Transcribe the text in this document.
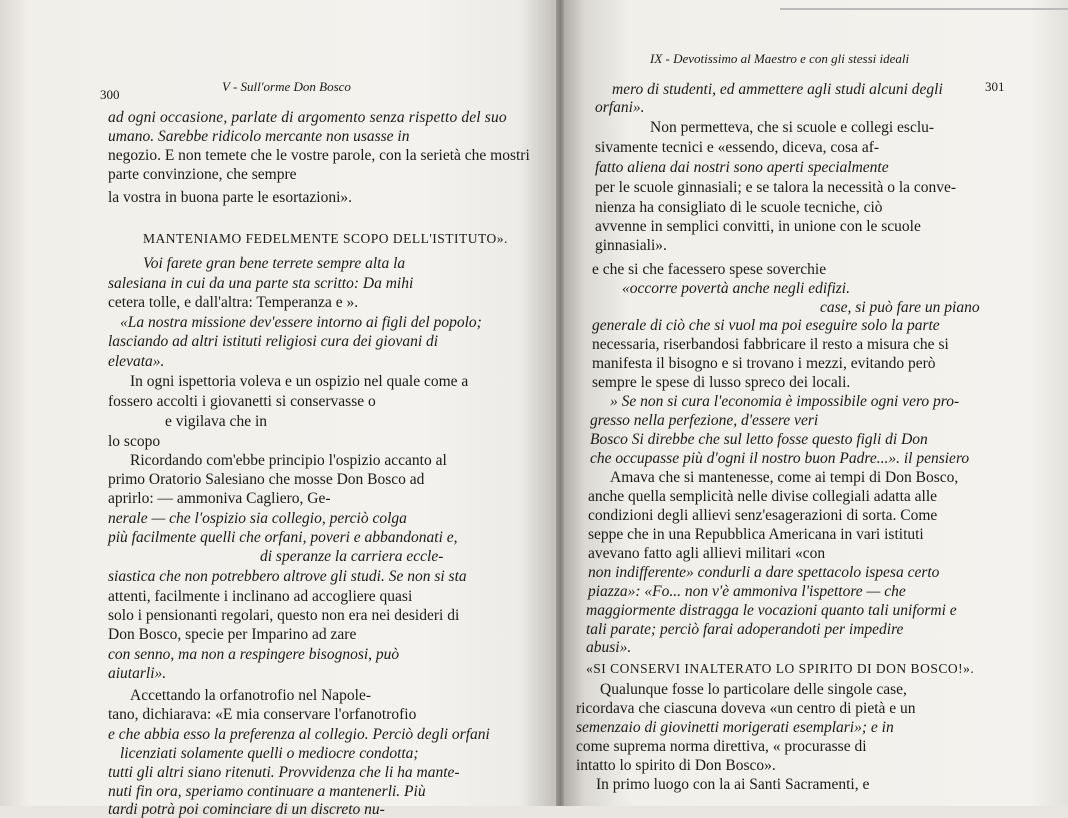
300
V - Sull'orme Don Bosco
ad ogni occasione, parlate di argomento senza rispetto del suo
umano. Sarebbe ridicolo mercante non usasse in
negozio. E non temete che le vostre parole, con la serietà che mostri
parte convinzione, che sempre
la vostra in buona parte le esortazioni».
MANTENIAMO FEDELMENTE SCOPO DELL'ISTITUTO».
Voi farete gran bene terrete sempre alta la
salesiana in cui da una parte sta scritto: Da mihi
cetera tolle, e dall'altra: Temperanza e ».
«La nostra missione dev'essere intorno ai figli del popolo;
lasciando ad altri istituti religiosi cura dei giovani di
elevata».
In ogni ispettoria voleva e un ospizio nel quale come a
fossero accolti i giovanetti si conservasse o
e vigilava che in
lo scopo
Ricordando com'ebbe principio l'ospizio accanto al
primo Oratorio Salesiano che mosse Don Bosco ad
aprirlo: — ammoniva Cagliero, Ge-
nerale — che l'ospizio sia collegio, perciò colga
più facilmente quelli che orfani, poveri e abbandonati e,
di speranze la carriera eccle-
siastica che non potrebbero altrove gli studi. Se non si sta
attenti, facilmente i inclinano ad accogliere quasi
solo i pensionanti regolari, questo non era nei desideri di
Don Bosco, specie per Imparino ad zare
con senno, ma non a respingere bisognosi, può
aiutarli».
Accettando la orfanotrofio nel Napole-
tano, dichiarava: «E mia conservare l'orfanotrofio
e che abbia esso la preferenza al collegio. Perciò degli orfani
licenziati solamente quelli o mediocre condotta;
tutti gli altri siano ritenuti. Provvidenza che li ha mante-
nuti fin ora, speriamo continuare a mantenerli. Più
tardi potrà poi cominciare di un discreto nu-
IX - Devotissimo al Maestro e con gli stessi ideali
301
mero di studenti, ed ammettere agli studi alcuni degli
orfani».
Non permetteva, che si scuole e collegi esclu-
sivamente tecnici e «essendo, diceva, cosa af-
fatto aliena dai nostri sono aperti specialmente
per le scuole ginnasiali; e se talora la necessità o la conve-
nienza ha consigliato di le scuole tecniche, ciò
avvenne in semplici convitti, in unione con le scuole
ginnasiali».
e che si che facessero spese soverchie
«occorre povertà anche negli edifizi.
case, si può fare un piano
generale di ciò che si vuol ma poi eseguire solo la parte
necessaria, riserbandosi fabbricare il resto a misura che si
manifesta il bisogno e si trovano i mezzi, evitando però
sempre le spese di lusso spreco dei locali.
» Se non si cura l'economia è impossibile ogni vero pro-
gresso nella perfezione, d'essere veri
Bosco Si direbbe che sul letto fosse questo figli di Don
che occupasse più d'ogni il nostro buon Padre...». il pensiero
Amava che si mantenesse, come ai tempi di Don Bosco,
anche quella semplicità nelle divise collegiali adatta alle
condizioni degli allievi senz'esagerazioni di sorta. Come
seppe che in una Repubblica Americana in vari istituti
avevano fatto agli allievi militari «con
non indifferente» condurli a dare spettacolo ispesa certo
piazza»: «Fo... non v'è ammoniva l'ispettore — che
maggiormente distragga le vocazioni quanto tali uniformi e
tali parate; perciò farai adoperandoti per impedire
abusi».
«SI CONSERVI INALTERATO LO SPIRITO DI DON BOSCO!».
Qualunque fosse lo particolare delle singole case,
ricordava che ciascuna doveva «un centro di pietà e un
semenzaio di giovinetti morigerati esemplari»; e in
come suprema norma direttiva, « procurasse di
intatto lo spirito di Don Bosco».
In primo luogo con la ai Santi Sacramenti, e
